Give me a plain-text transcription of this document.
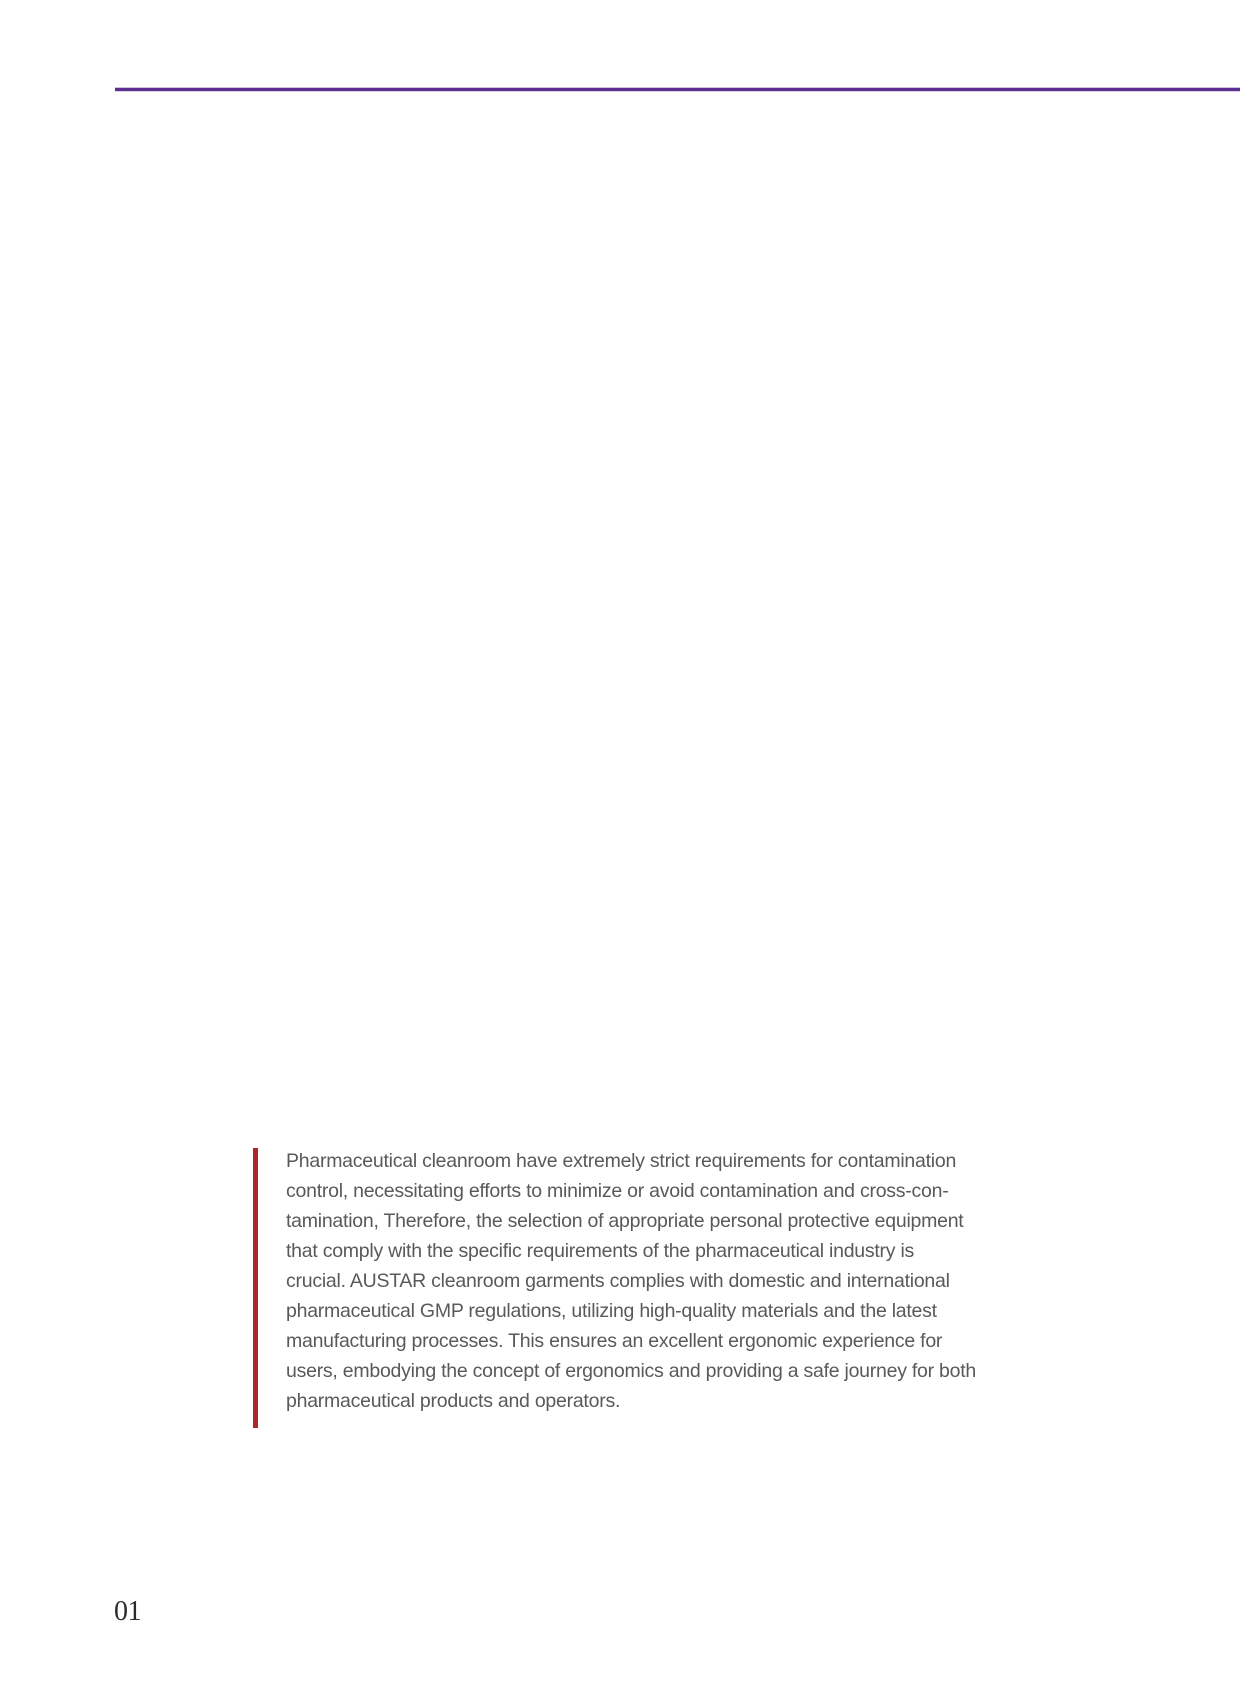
Pharmaceutical cleanroom have extremely strict requirements for contamination
control, necessitating efforts to minimize or avoid contamination and cross-con-
tamination, Therefore, the selection of appropriate personal protective equipment
that comply with the specific requirements of the pharmaceutical industry is
crucial. AUSTAR cleanroom garments complies with domestic and international
pharmaceutical GMP regulations, utilizing high-quality materials and the latest
manufacturing processes. This ensures an excellent ergonomic experience for
users, embodying the concept of ergonomics and providing a safe journey for both
pharmaceutical products and operators.
01
